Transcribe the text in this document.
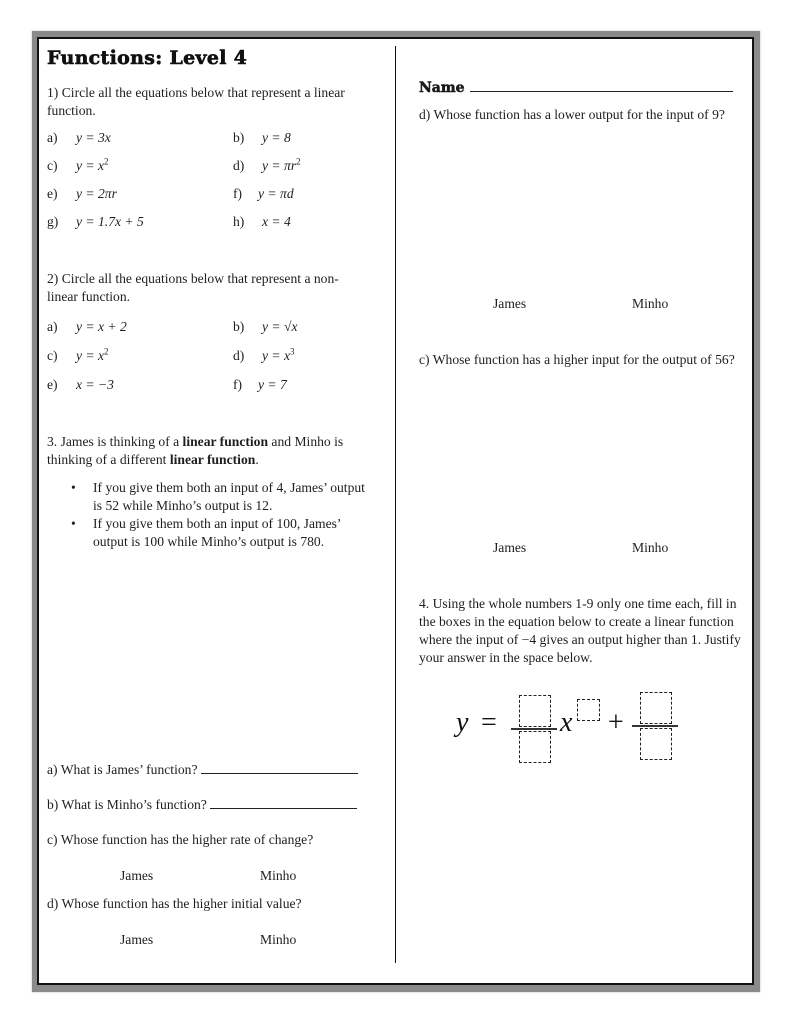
Functions: Level 4
1) Circle all the equations below that represent a linear function.
a) y = 3x	b) y = 8
c) $y = x^2$	d) $y = \pi r^2$
e) y = 2πr	f) y = πd
g) y = 1.7x + 5	h) x = 4
2) Circle all the equations below that represent a non-linear function.
a) y = x + 2	b) y = √x
c) $y = x^2$	d) $y = x^3$
e) x = −3	f) y = 7
3. James is thinking of a linear function and Minho is thinking of a different linear function.
• If you give them both an input of 4, James’ output is 52 while Minho’s output is 12.
• If you give them both an input of 100, James’ output is 100 while Minho’s output is 780.
a) What is James’ function?
b) What is Minho’s function?
c) Whose function has the higher rate of change?
James	Minho
d) Whose function has the higher initial value?
James	Minho
Name
d) Whose function has a lower output for the input of 9?
James	Minho
c) Whose function has a higher input for the output of 56?
James	Minho
4. Using the whole numbers 1-9 only one time each, fill in the boxes in the equation below to create a linear function where the input of −4 gives an output higher than 1. Justify your answer in the space below.
y = x +
